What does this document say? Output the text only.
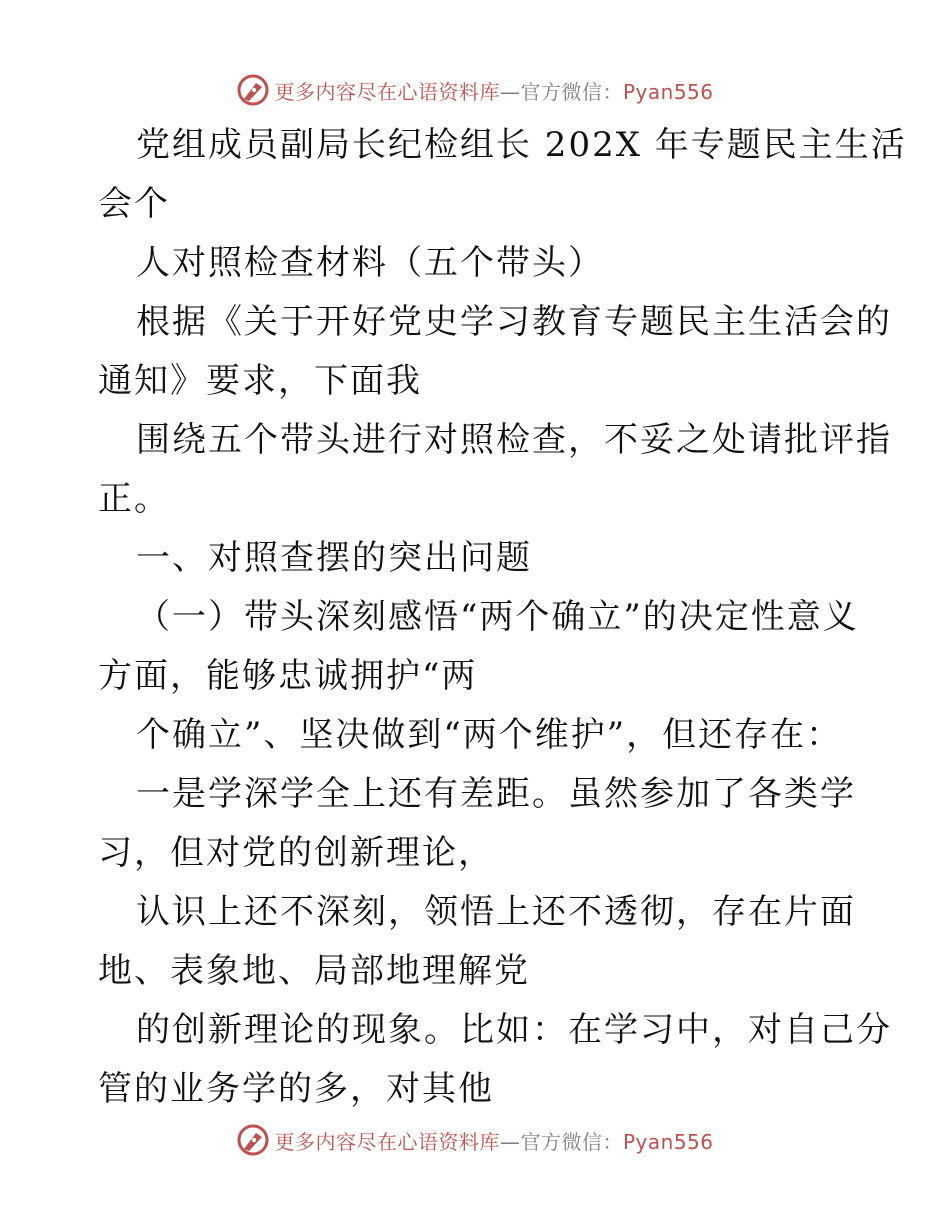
更多内容尽在心语资料库—官方微信：Pyan556
党组成员副局长纪检组长 202X 年专题民主生活
会个
人对照检查材料（五个带头）
根据《关于开好党史学习教育专题民主生活会的
通知》要求，下面我
围绕五个带头进行对照检查，不妥之处请批评指
正。
一、对照查摆的突出问题
（一）带头深刻感悟“两个确立”的决定性意义
方面，能够忠诚拥护“两
个确立”、坚决做到“两个维护”，但还存在：
一是学深学全上还有差距。虽然参加了各类学
习，但对党的创新理论，
认识上还不深刻，领悟上还不透彻，存在片面
地、表象地、局部地理解党
的创新理论的现象。比如：在学习中，对自己分
管的业务学的多，对其他
更多内容尽在心语资料库—官方微信：Pyan556
